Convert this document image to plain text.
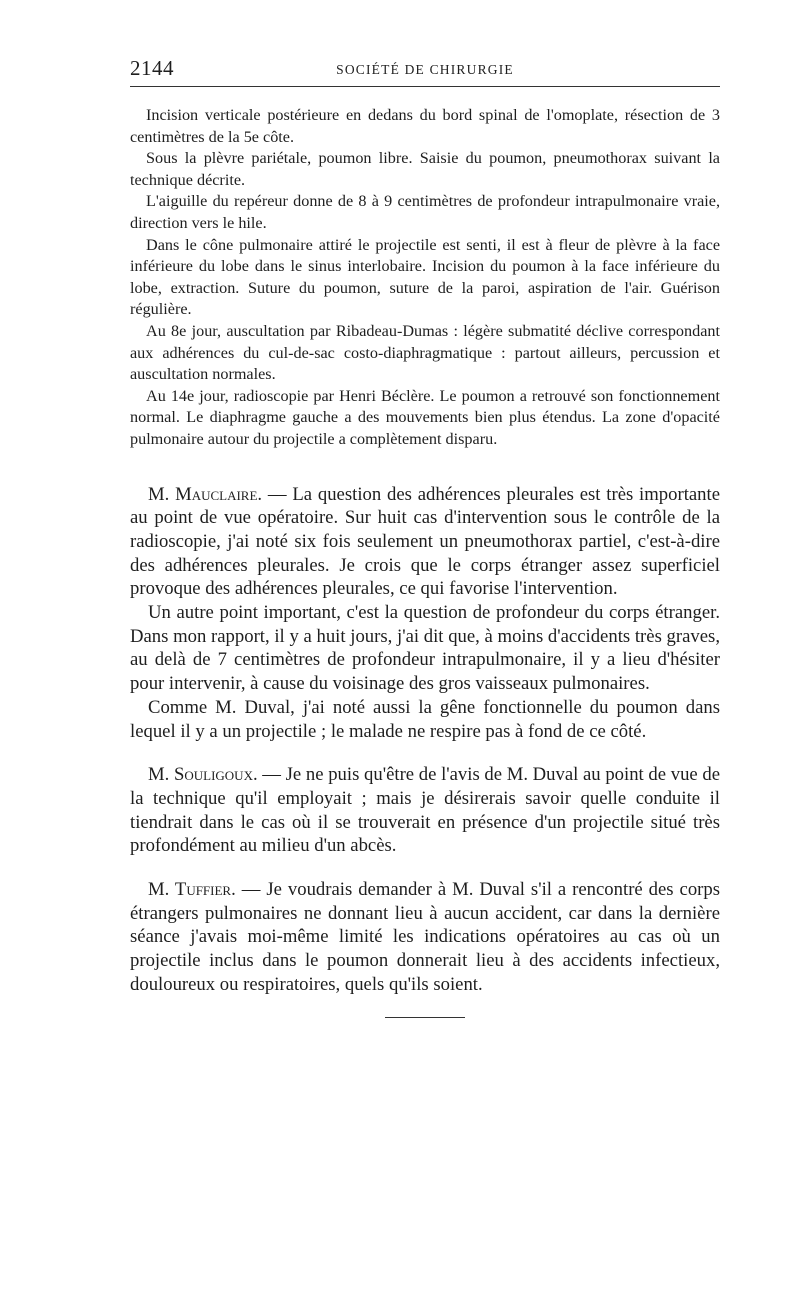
2144	SOCIÉTÉ DE CHIRURGIE

Incision verticale postérieure en dedans du bord spinal de l'omoplate, résection de 3 centimètres de la 5e côte.

Sous la plèvre pariétale, poumon libre. Saisie du poumon, pneumothorax suivant la technique décrite.

L'aiguille du repéreur donne de 8 à 9 centimètres de profondeur intrapulmonaire vraie, direction vers le hile.

Dans le cône pulmonaire attiré le projectile est senti, il est à fleur de plèvre à la face inférieure du lobe dans le sinus interlobaire. Incision du poumon à la face inférieure du lobe, extraction. Suture du poumon, suture de la paroi, aspiration de l'air. Guérison régulière.

Au 8e jour, auscultation par Ribadeau-Dumas : légère submatité déclive correspondant aux adhérences du cul-de-sac costo-diaphragmatique : partout ailleurs, percussion et auscultation normales.

Au 14e jour, radioscopie par Henri Béclère. Le poumon a retrouvé son fonctionnement normal. Le diaphragme gauche a des mouvements bien plus étendus. La zone d'opacité pulmonaire autour du projectile a complètement disparu.

M. Mauclaire. — La question des adhérences pleurales est très importante au point de vue opératoire. Sur huit cas d'intervention sous le contrôle de la radioscopie, j'ai noté six fois seulement un pneumothorax partiel, c'est-à-dire des adhérences pleurales. Je crois que le corps étranger assez superficiel provoque des adhérences pleurales, ce qui favorise l'intervention.

Un autre point important, c'est la question de profondeur du corps étranger. Dans mon rapport, il y a huit jours, j'ai dit que, à moins d'accidents très graves, au delà de 7 centimètres de profondeur intrapulmonaire, il y a lieu d'hésiter pour intervenir, à cause du voisinage des gros vaisseaux pulmonaires.

Comme M. Duval, j'ai noté aussi la gêne fonctionnelle du poumon dans lequel il y a un projectile ; le malade ne respire pas à fond de ce côté.

M. Souligoux. — Je ne puis qu'être de l'avis de M. Duval au point de vue de la technique qu'il employait ; mais je désirerais savoir quelle conduite il tiendrait dans le cas où il se trouverait en présence d'un projectile situé très profondément au milieu d'un abcès.

M. Tuffier. — Je voudrais demander à M. Duval s'il a rencontré des corps étrangers pulmonaires ne donnant lieu à aucun accident, car dans la dernière séance j'avais moi-même limité les indications opératoires au cas où un projectile inclus dans le poumon donnerait lieu à des accidents infectieux, douloureux ou respiratoires, quels qu'ils soient.
